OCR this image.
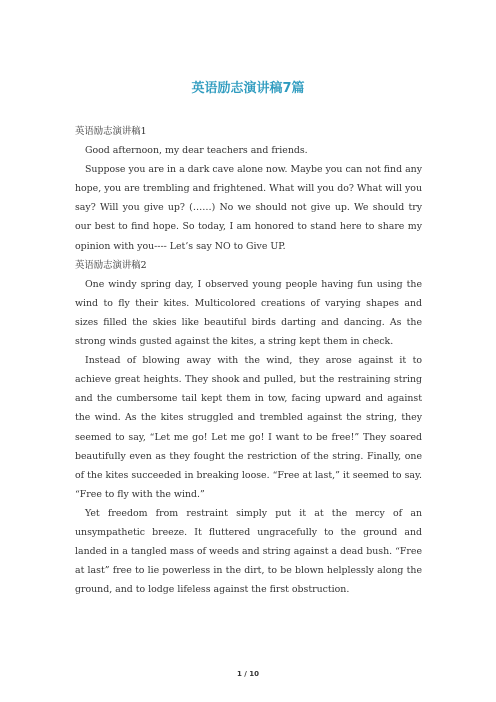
英语励志演讲稿7篇

英语励志演讲稿1

Good afternoon, my dear teachers and friends.

Suppose you are in a dark cave alone now. Maybe you can not find any hope, you are trembling and frightened. What will you do? What will you say? Will you give up? (……) No we should not give up. We should try our best to find hope. So today, I am honored to stand here to share my opinion with you---- Let’s say NO to Give UP.

英语励志演讲稿2

One windy spring day, I observed young people having fun using the wind to fly their kites. Multicolored creations of varying shapes and sizes filled the skies like beautiful birds darting and dancing. As the strong winds gusted against the kites, a string kept them in check.

Instead of blowing away with the wind, they arose against it to achieve great heights. They shook and pulled, but the restraining string and the cumbersome tail kept them in tow, facing upward and against the wind. As the kites struggled and trembled against the string, they seemed to say, “Let me go! Let me go! I want to be free!” They soared beautifully even as they fought the restriction of the string. Finally, one of the kites succeeded in breaking loose. “Free at last,” it seemed to say. “Free to fly with the wind.”

Yet freedom from restraint simply put it at the mercy of an unsympathetic breeze. It fluttered ungracefully to the ground and landed in a tangled mass of weeds and string against a dead bush. “Free at last” free to lie powerless in the dirt, to be blown helplessly along the ground, and to lodge lifeless against the first obstruction.

1 / 10
